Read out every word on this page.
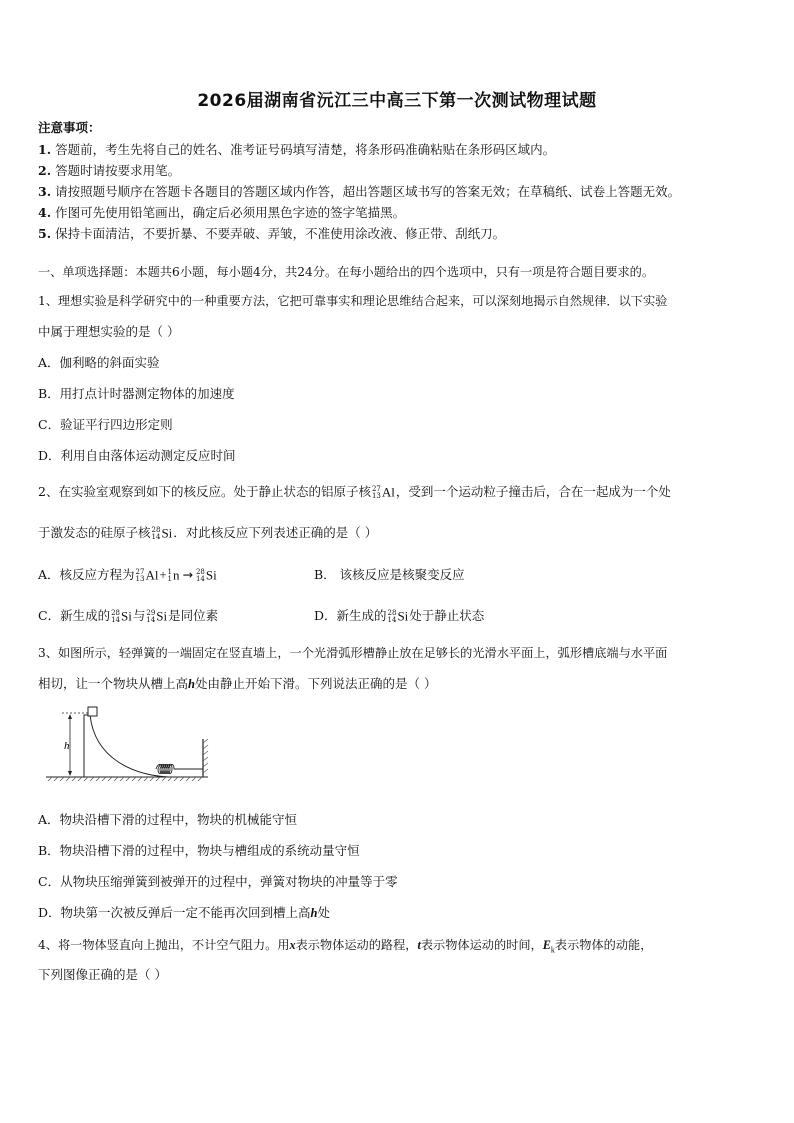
2026届湖南省沅江三中高三下第一次测试物理试题
注意事项：
1. 答题前，考生先将自己的姓名、准考证号码填写清楚，将条形码准确粘贴在条形码区域内。
2. 答题时请按要求用笔。
3. 请按照题号顺序在答题卡各题目的答题区域内作答，超出答题区域书写的答案无效；在草稿纸、试卷上答题无效。
4. 作图可先使用铅笔画出，确定后必须用黑色字迹的签字笔描黑。
5. 保持卡面清洁，不要折暴、不要弄破、弄皱，不准使用涂改液、修正带、刮纸刀。
一、单项选择题：本题共6小题，每小题4分，共24分。在每小题给出的四个选项中，只有一项是符合题目要求的。
1、理想实验是科学研究中的一种重要方法，它把可靠事实和理论思维结合起来，可以深刻地揭示自然规律．以下实验
中属于理想实验的是（ ）
A．伽利略的斜面实验
B．用打点计时器测定物体的加速度
C．验证平行四边形定则
D．利用自由落体运动测定反应时间
2、在实验室观察到如下的核反应。处于静止状态的铝原子核 27
13 Al，受到一个运动粒子撞击后，合在一起成为一个处
于激发态的硅原子核 28
14 Si．对此核反应下列表述正确的是（ ）
A．核反应方程为 27
13 Al+ 1
1 n → 28
14 Si	B． 该核反应是核聚变反应
C．新生成的 28
14 Si与 29
14 Si是同位素	D．新生成的 28
14 Si处于静止状态
3、如图所示，轻弹簧的一端固定在竖直墙上，一个光滑弧形槽静止放在足够长的光滑水平面上，弧形槽底端与水平面
相切，让一个物块从槽上高h处由静止开始下滑。下列说法正确的是（ ）
h
A．物块沿槽下滑的过程中，物块的机械能守恒
B．物块沿槽下滑的过程中，物块与槽组成的系统动量守恒
C．从物块压缩弹簧到被弹开的过程中，弹簧对物块的冲量等于零
D．物块第一次被反弹后一定不能再次回到槽上高h处
4、将一物体竖直向上抛出，不计空气阻力。用x表示物体运动的路程，t表示物体运动的时间，$E_k$表示物体的动能，
下列图像正确的是（ ）
